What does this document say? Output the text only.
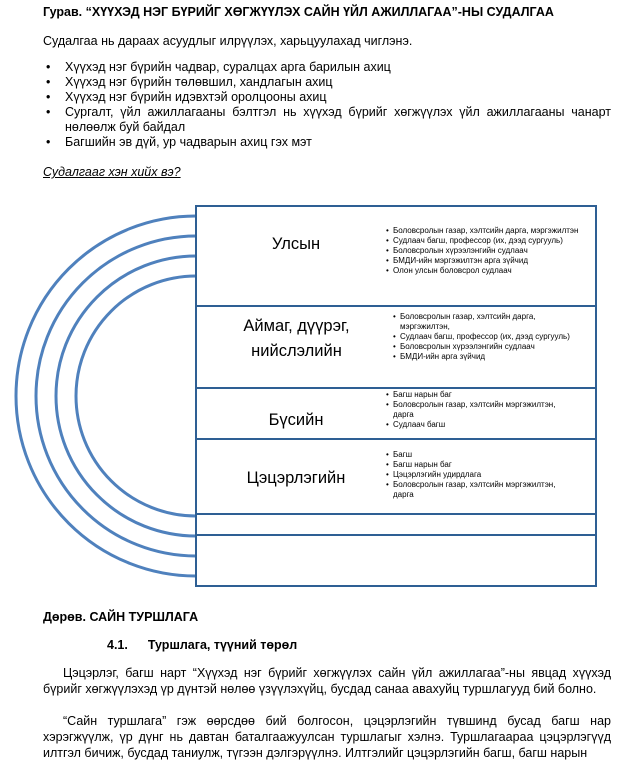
Гурав. “ХҮҮХЭД НЭГ БҮРИЙГ ХӨГЖҮҮЛЭХ САЙН ҮЙЛ АЖИЛЛАГАА”-НЫ СУДАЛГАА
Судалгаа нь дараах асуудлыг илрүүлэх, харьцуулахад чиглэнэ.
• Хүүхэд нэг бүрийн чадвар, суралцах арга барилын ахиц
• Хүүхэд нэг бүрийн төлөвшил, хандлагын ахиц
• Хүүхэд нэг бүрийн идэвхтэй оролцооны ахиц
• Сургалт, үйл ажиллагааны бэлтгэл нь хүүхэд бүрийг хөгжүүлэх үйл ажиллагааны чанарт нөлөөлж буй байдал
• Багшийн эв дүй, ур чадварын ахиц гэх мэт
Судалгааг хэн хийх вэ?
Улсын
• Боловсролын газар, хэлтсийн дарга, мэргэжилтэн
• Судлаач багш, профессор (их, дээд сургууль)
• Боловсролын хүрээлэнгийн судлаач
• БМДИ-ийн мэргэжилтэн арга зүйчид
• Олон улсын боловсрол судлаач
Аймаг, дүүрэг, нийслэлийн
• Боловсролын газар, хэлтсийн дарга, мэргэжилтэн,
• Судлаач багш, профессор (их, дээд сургууль)
• Боловсролын хүрээлэнгийн судлаач
• БМДИ-ийн арга зүйчид
Бүсийн
• Багш нарын баг
• Боловсролын газар, хэлтсийн мэргэжилтэн, дарга
• Судлаач багш
Цэцэрлэгийн
• Багш
• Багш нарын баг
• Цэцэрлэгийн удирдлага
• Боловсролын газар, хэлтсийн мэргэжилтэн, дарга
Дөрөв. САЙН ТУРШЛАГА
4.1. Туршлага, түүний төрөл
Цэцэрлэг, багш нарт “Хүүхэд нэг бүрийг хөгжүүлэх сайн үйл ажиллагаа”-ны явцад хүүхэд бүрийг хөгжүүлэхэд үр дүнтэй нөлөө үзүүлэхүйц, бусдад санаа авахуйц туршлагууд бий болно.
“Сайн туршлага” гэж өөрсдөө бий болгосон, цэцэрлэгийн түвшинд бусад багш нар хэрэгжүүлж, үр дүнг нь давтан баталгаажуулсан туршлагыг хэлнэ. Туршлагаараа цэцэрлэгүүд илтгэл бичиж, бусдад таниулж, түгээн дэлгэрүүлнэ. Илтгэлийг цэцэрлэгийн багш, багш нарын
